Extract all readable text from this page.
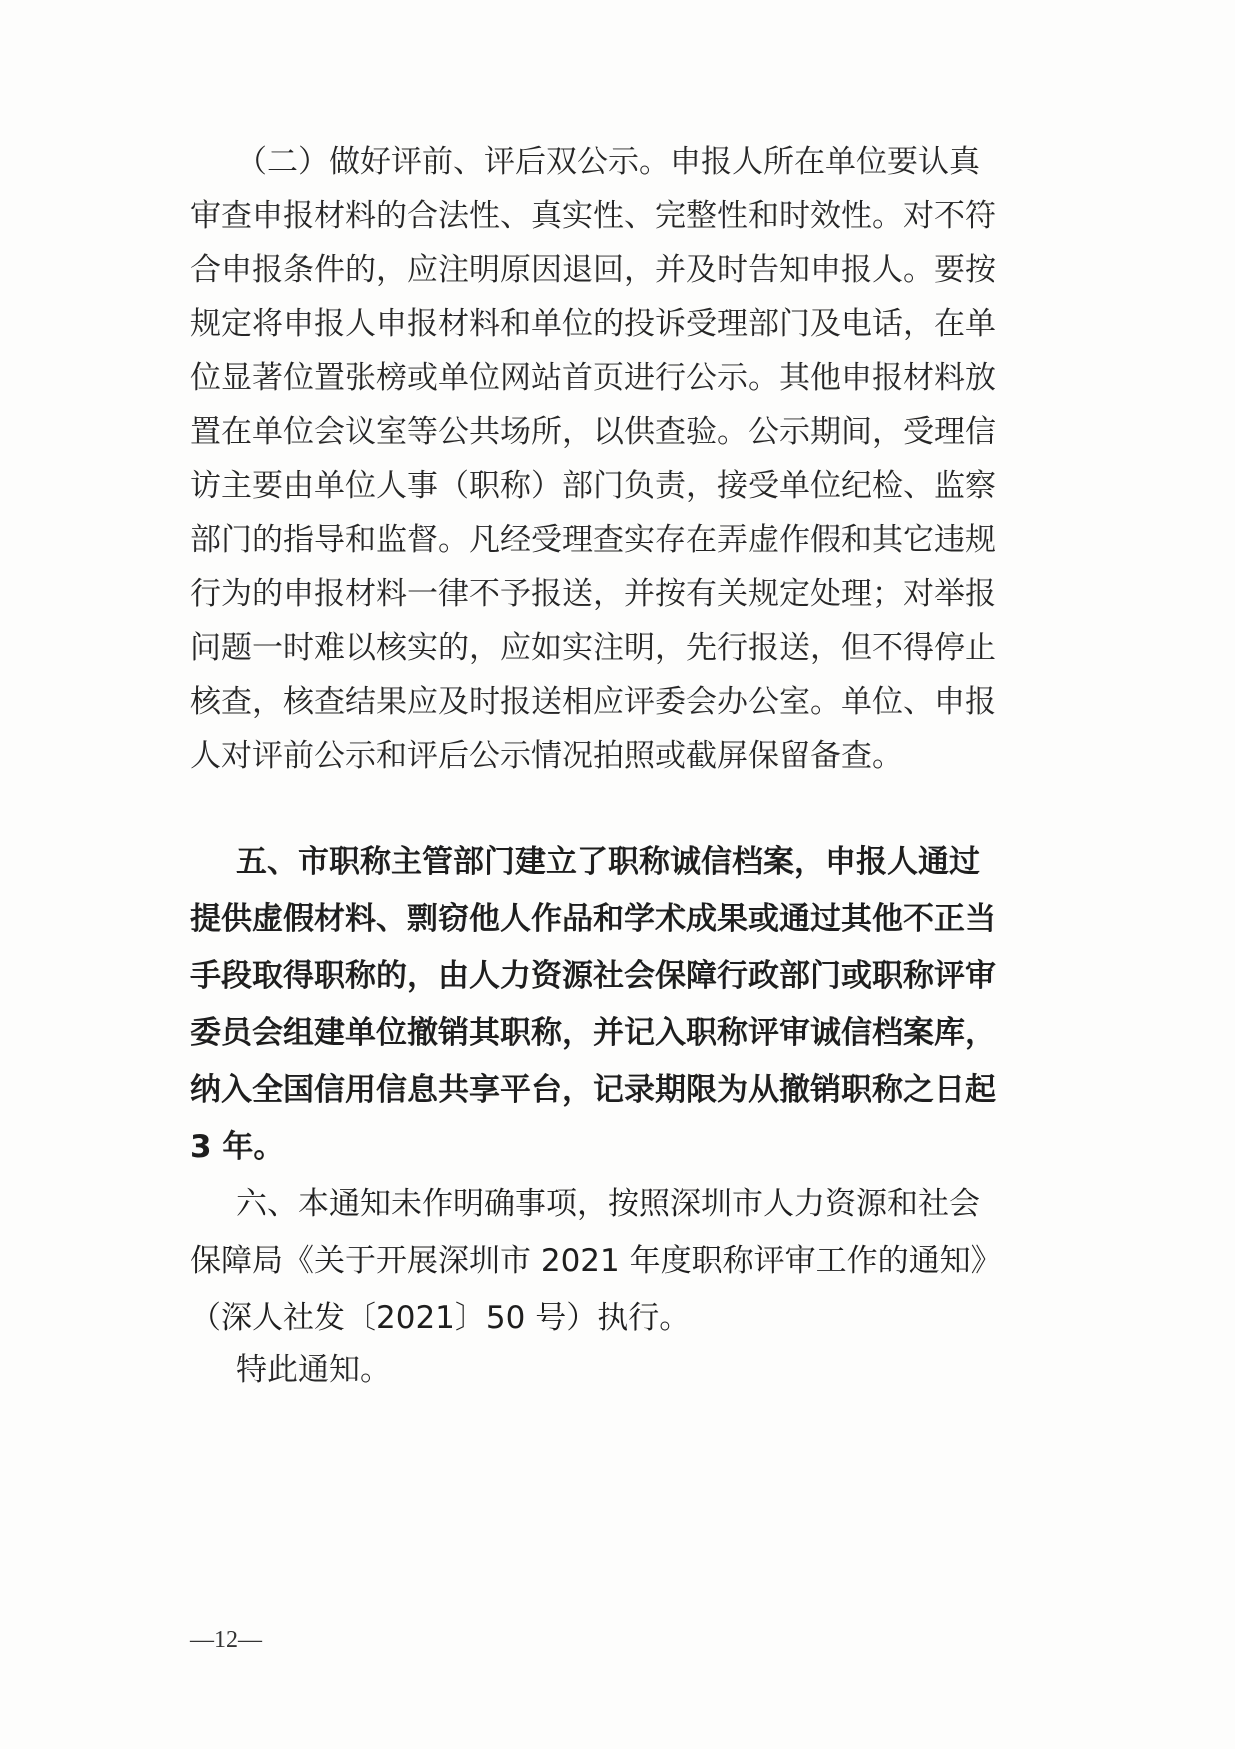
（二）做好评前、评后双公示。申报人所在单位要认真
审查申报材料的合法性、真实性、完整性和时效性。对不符
合申报条件的，应注明原因退回，并及时告知申报人。要按
规定将申报人申报材料和单位的投诉受理部门及电话，在单
位显著位置张榜或单位网站首页进行公示。其他申报材料放
置在单位会议室等公共场所，以供查验。公示期间，受理信
访主要由单位人事（职称）部门负责，接受单位纪检、监察
部门的指导和监督。凡经受理查实存在弄虚作假和其它违规
行为的申报材料一律不予报送，并按有关规定处理；对举报
问题一时难以核实的，应如实注明，先行报送，但不得停止
核查，核查结果应及时报送相应评委会办公室。单位、申报
人对评前公示和评后公示情况拍照或截屏保留备查。
五、市职称主管部门建立了职称诚信档案，申报人通过
提供虚假材料、剽窃他人作品和学术成果或通过其他不正当
手段取得职称的，由人力资源社会保障行政部门或职称评审
委员会组建单位撤销其职称，并记入职称评审诚信档案库，
纳入全国信用信息共享平台，记录期限为从撤销职称之日起
3 年。
六、本通知未作明确事项，按照深圳市人力资源和社会
保障局《关于开展深圳市 2021 年度职称评审工作的通知》
（深人社发〔2021〕50 号）执行。
特此通知。
—12—
